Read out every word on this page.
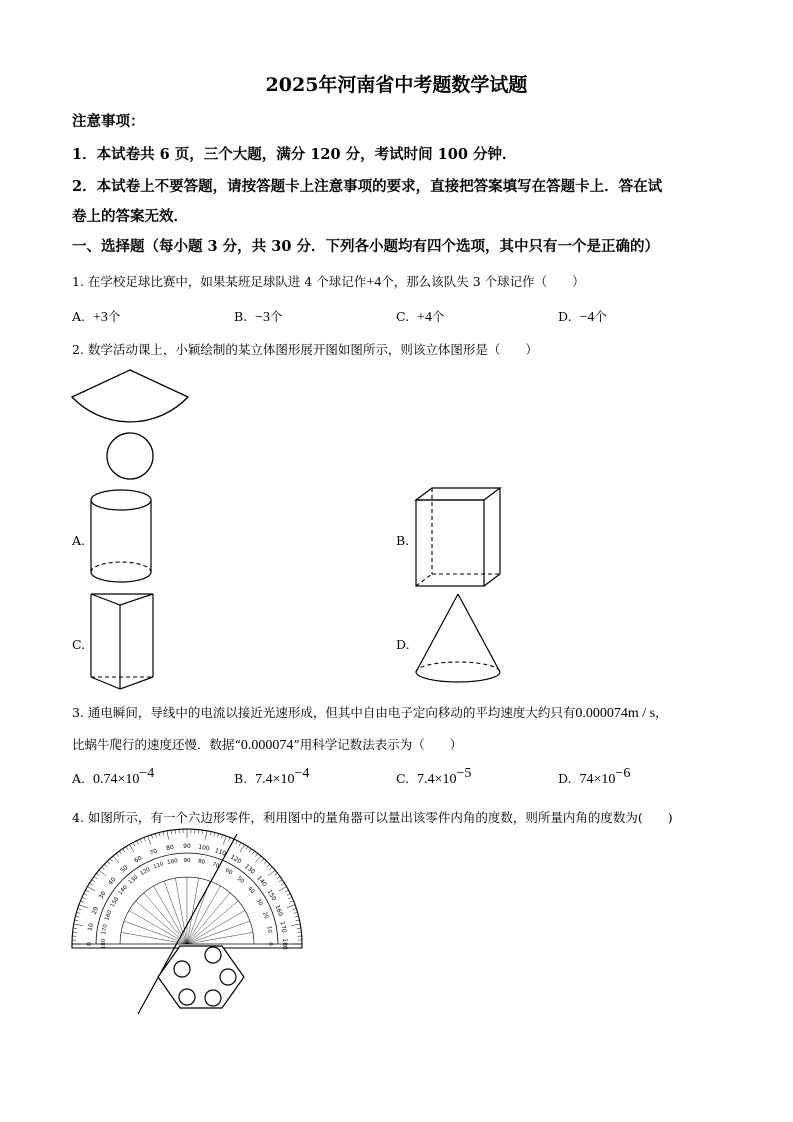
2025年河南省中考题数学试题
注意事项：
1．本试卷共 6 页，三个大题，满分 120 分，考试时间 100 分钟．
2．本试卷上不要答题，请按答题卡上注意事项的要求，直接把答案填写在答题卡上．答在试
卷上的答案无效．
一、选择题（每小题 3 分，共 30 分．下列各小题均有四个选项，其中只有一个是正确的）
1. 在学校足球比赛中，如果某班足球队进 4 个球记作+4个，那么该队失 3 个球记作（　　）
A. +3个	B. −3个	C. +4个	D. −4个
2. 数学活动课上，小颖绘制的某立体图形展开图如图所示，则该立体图形是（　　）
A.	B.
C.	D.
3. 通电瞬间，导线中的电流以接近光速形成，但其中自由电子定向移动的平均速度大约只有0.000074m / s，
比蜗牛爬行的速度还慢．数据“0.000074”用科学记数法表示为（　　）
A. $0.74\times 10^{-4}$	B. $7.4\times 10^{-4}$	C. $7.4\times 10^{-5}$	D. $74\times 10^{-6}$
4. 如图所示，有一个六边形零件，利用图中的量角器可以量出该零件内角的度数，则所量内角的度数为(　　)
0
10
20
30
40
50
60
70 80 90 100 110
120
130
140
150
160
170
180
180
170
160
150
140
130
120
110 100 90 80 70
60
50
40
30
20
10
0
